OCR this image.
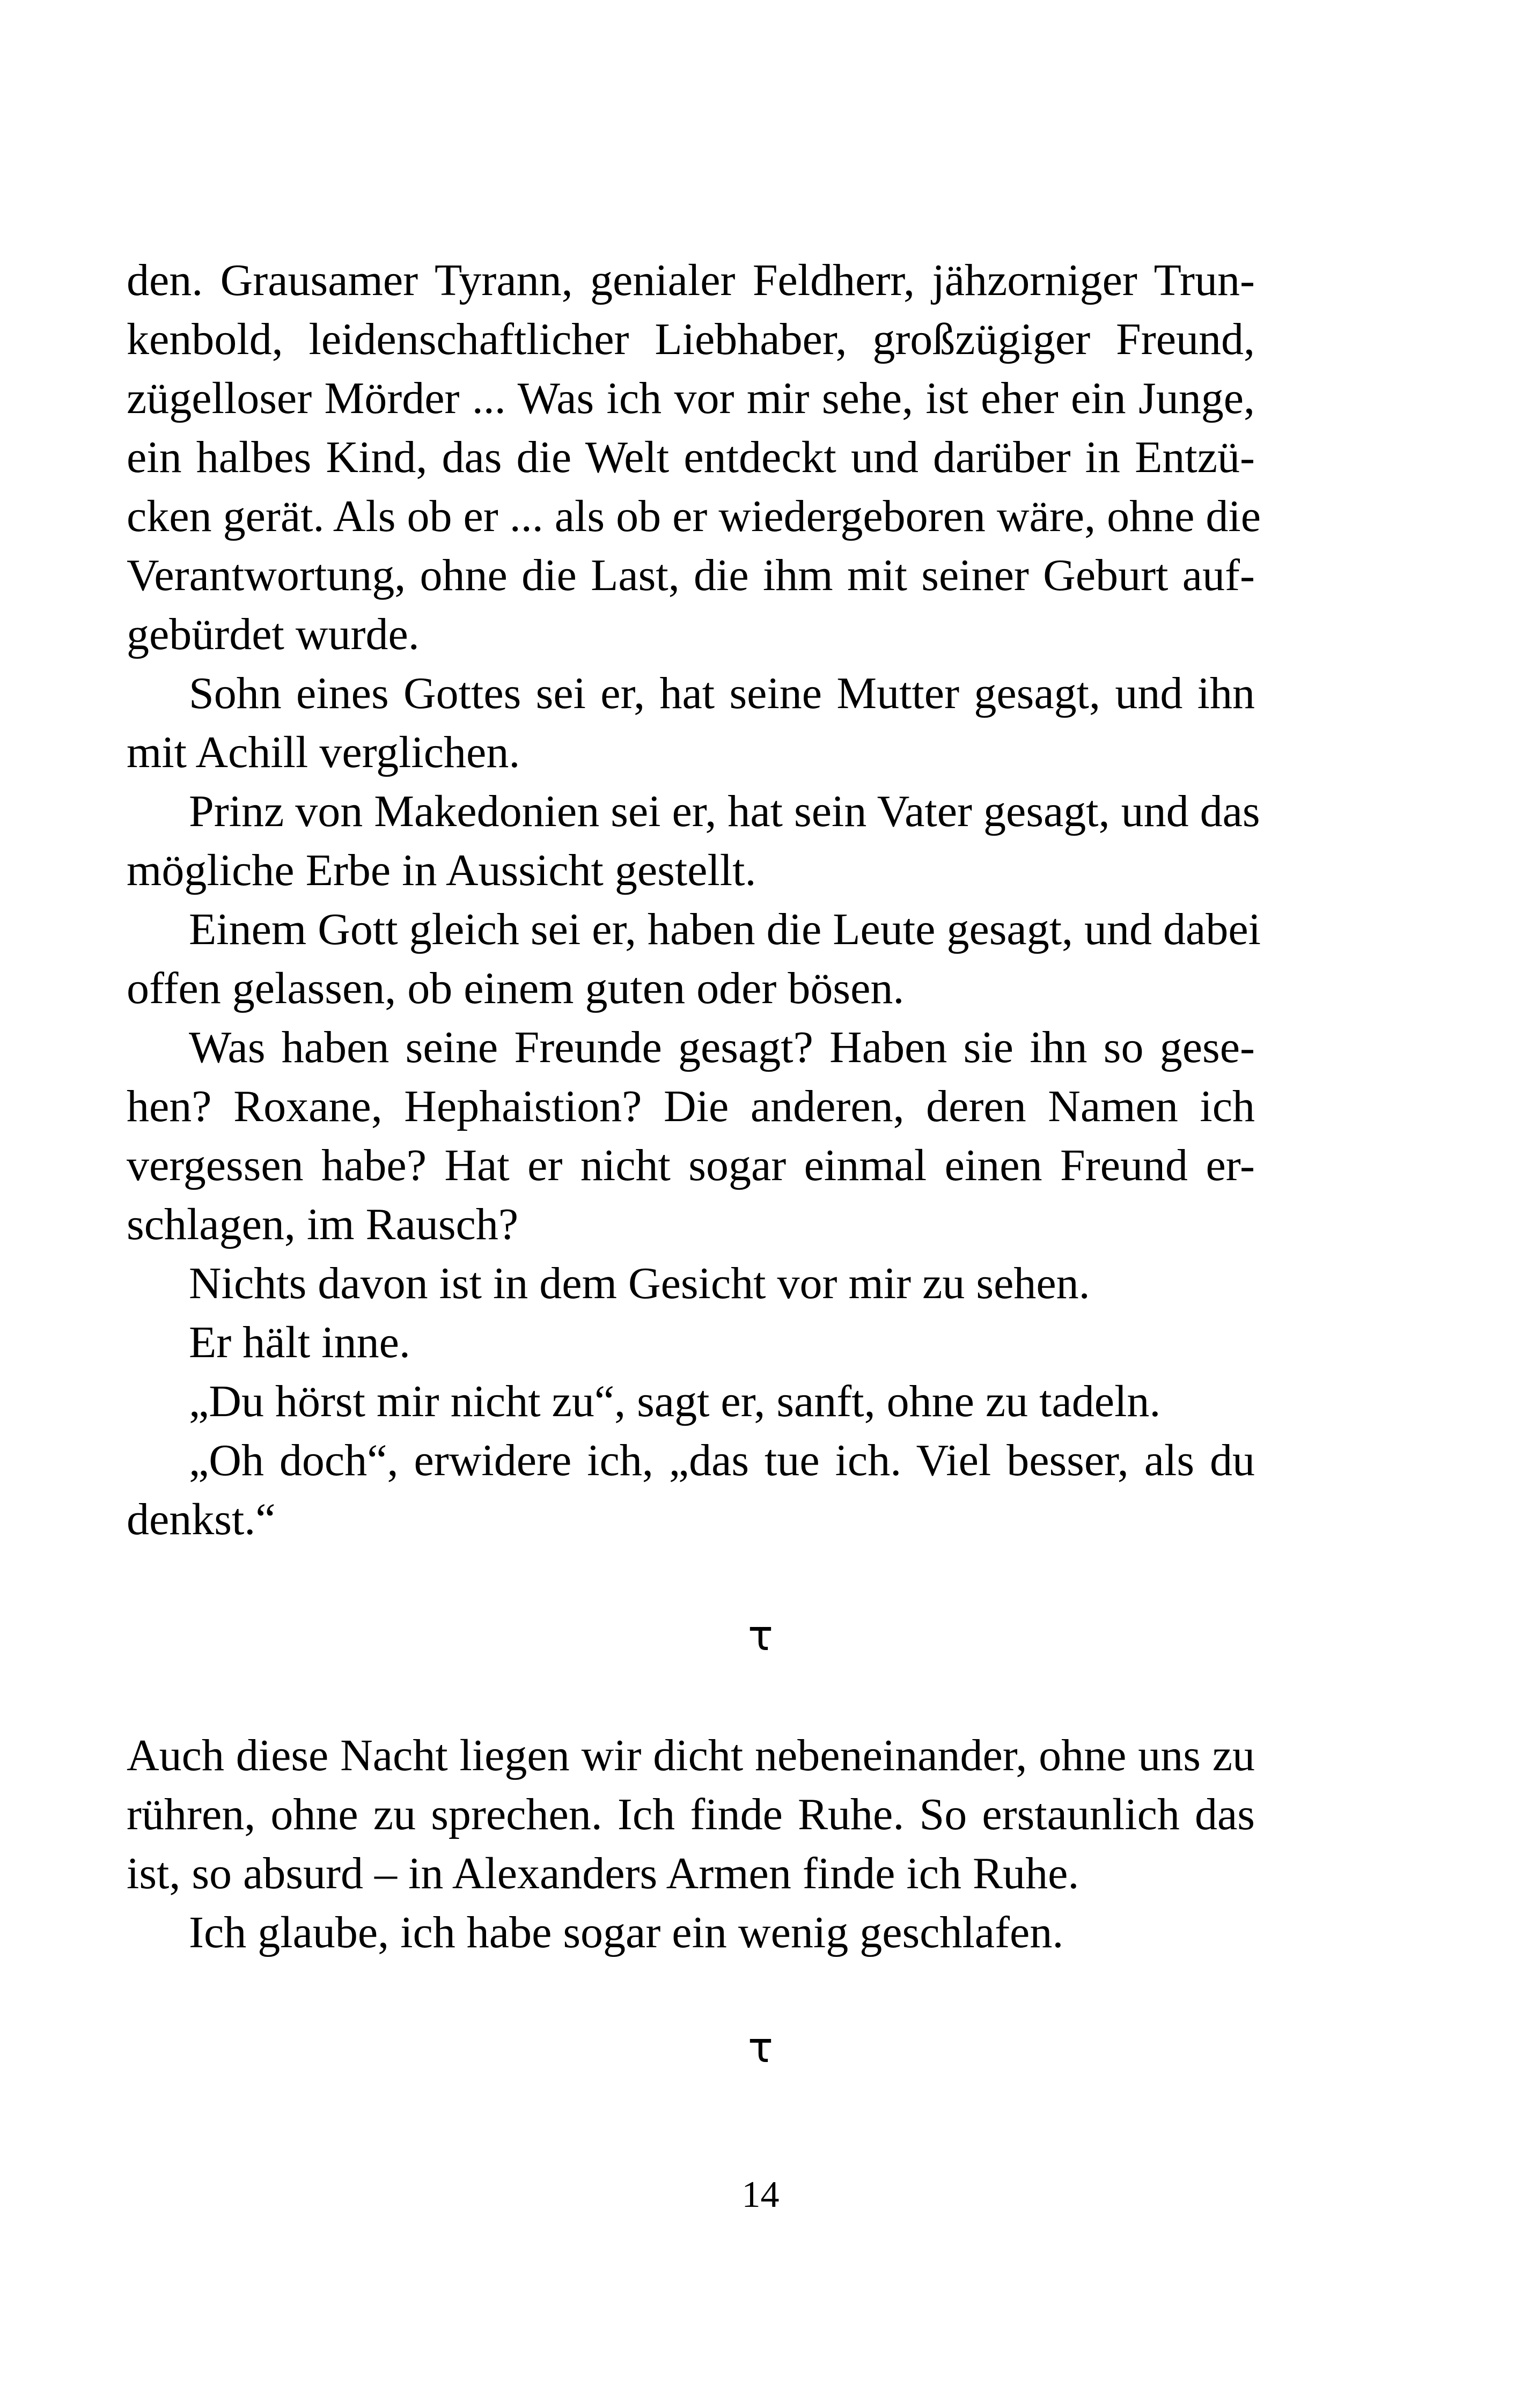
den. Grausamer Tyrann, genialer Feldherr, jähzorniger Trun-
kenbold, leidenschaftlicher Liebhaber, großzügiger Freund,
zügelloser Mörder ... Was ich vor mir sehe, ist eher ein Junge,
ein halbes Kind, das die Welt entdeckt und darüber in Entzü-
cken gerät. Als ob er ... als ob er wiedergeboren wäre, ohne die
Verantwortung, ohne die Last, die ihm mit seiner Geburt auf-
gebürdet wurde.
Sohn eines Gottes sei er, hat seine Mutter gesagt, und ihn
mit Achill verglichen.
Prinz von Makedonien sei er, hat sein Vater gesagt, und das
mögliche Erbe in Aussicht gestellt.
Einem Gott gleich sei er, haben die Leute gesagt, und dabei
offen gelassen, ob einem guten oder bösen.
Was haben seine Freunde gesagt? Haben sie ihn so gese-
hen? Roxane, Hephaistion? Die anderen, deren Namen ich
vergessen habe? Hat er nicht sogar einmal einen Freund er-
schlagen, im Rausch?
Nichts davon ist in dem Gesicht vor mir zu sehen.
Er hält inne.
„Du hörst mir nicht zu“, sagt er, sanft, ohne zu tadeln.
„Oh doch“, erwidere ich, „das tue ich. Viel besser, als du
denkst.“
τ
Auch diese Nacht liegen wir dicht nebeneinander, ohne uns zu
rühren, ohne zu sprechen. Ich finde Ruhe. So erstaunlich das
ist, so absurd – in Alexanders Armen finde ich Ruhe.
Ich glaube, ich habe sogar ein wenig geschlafen.
τ
14
